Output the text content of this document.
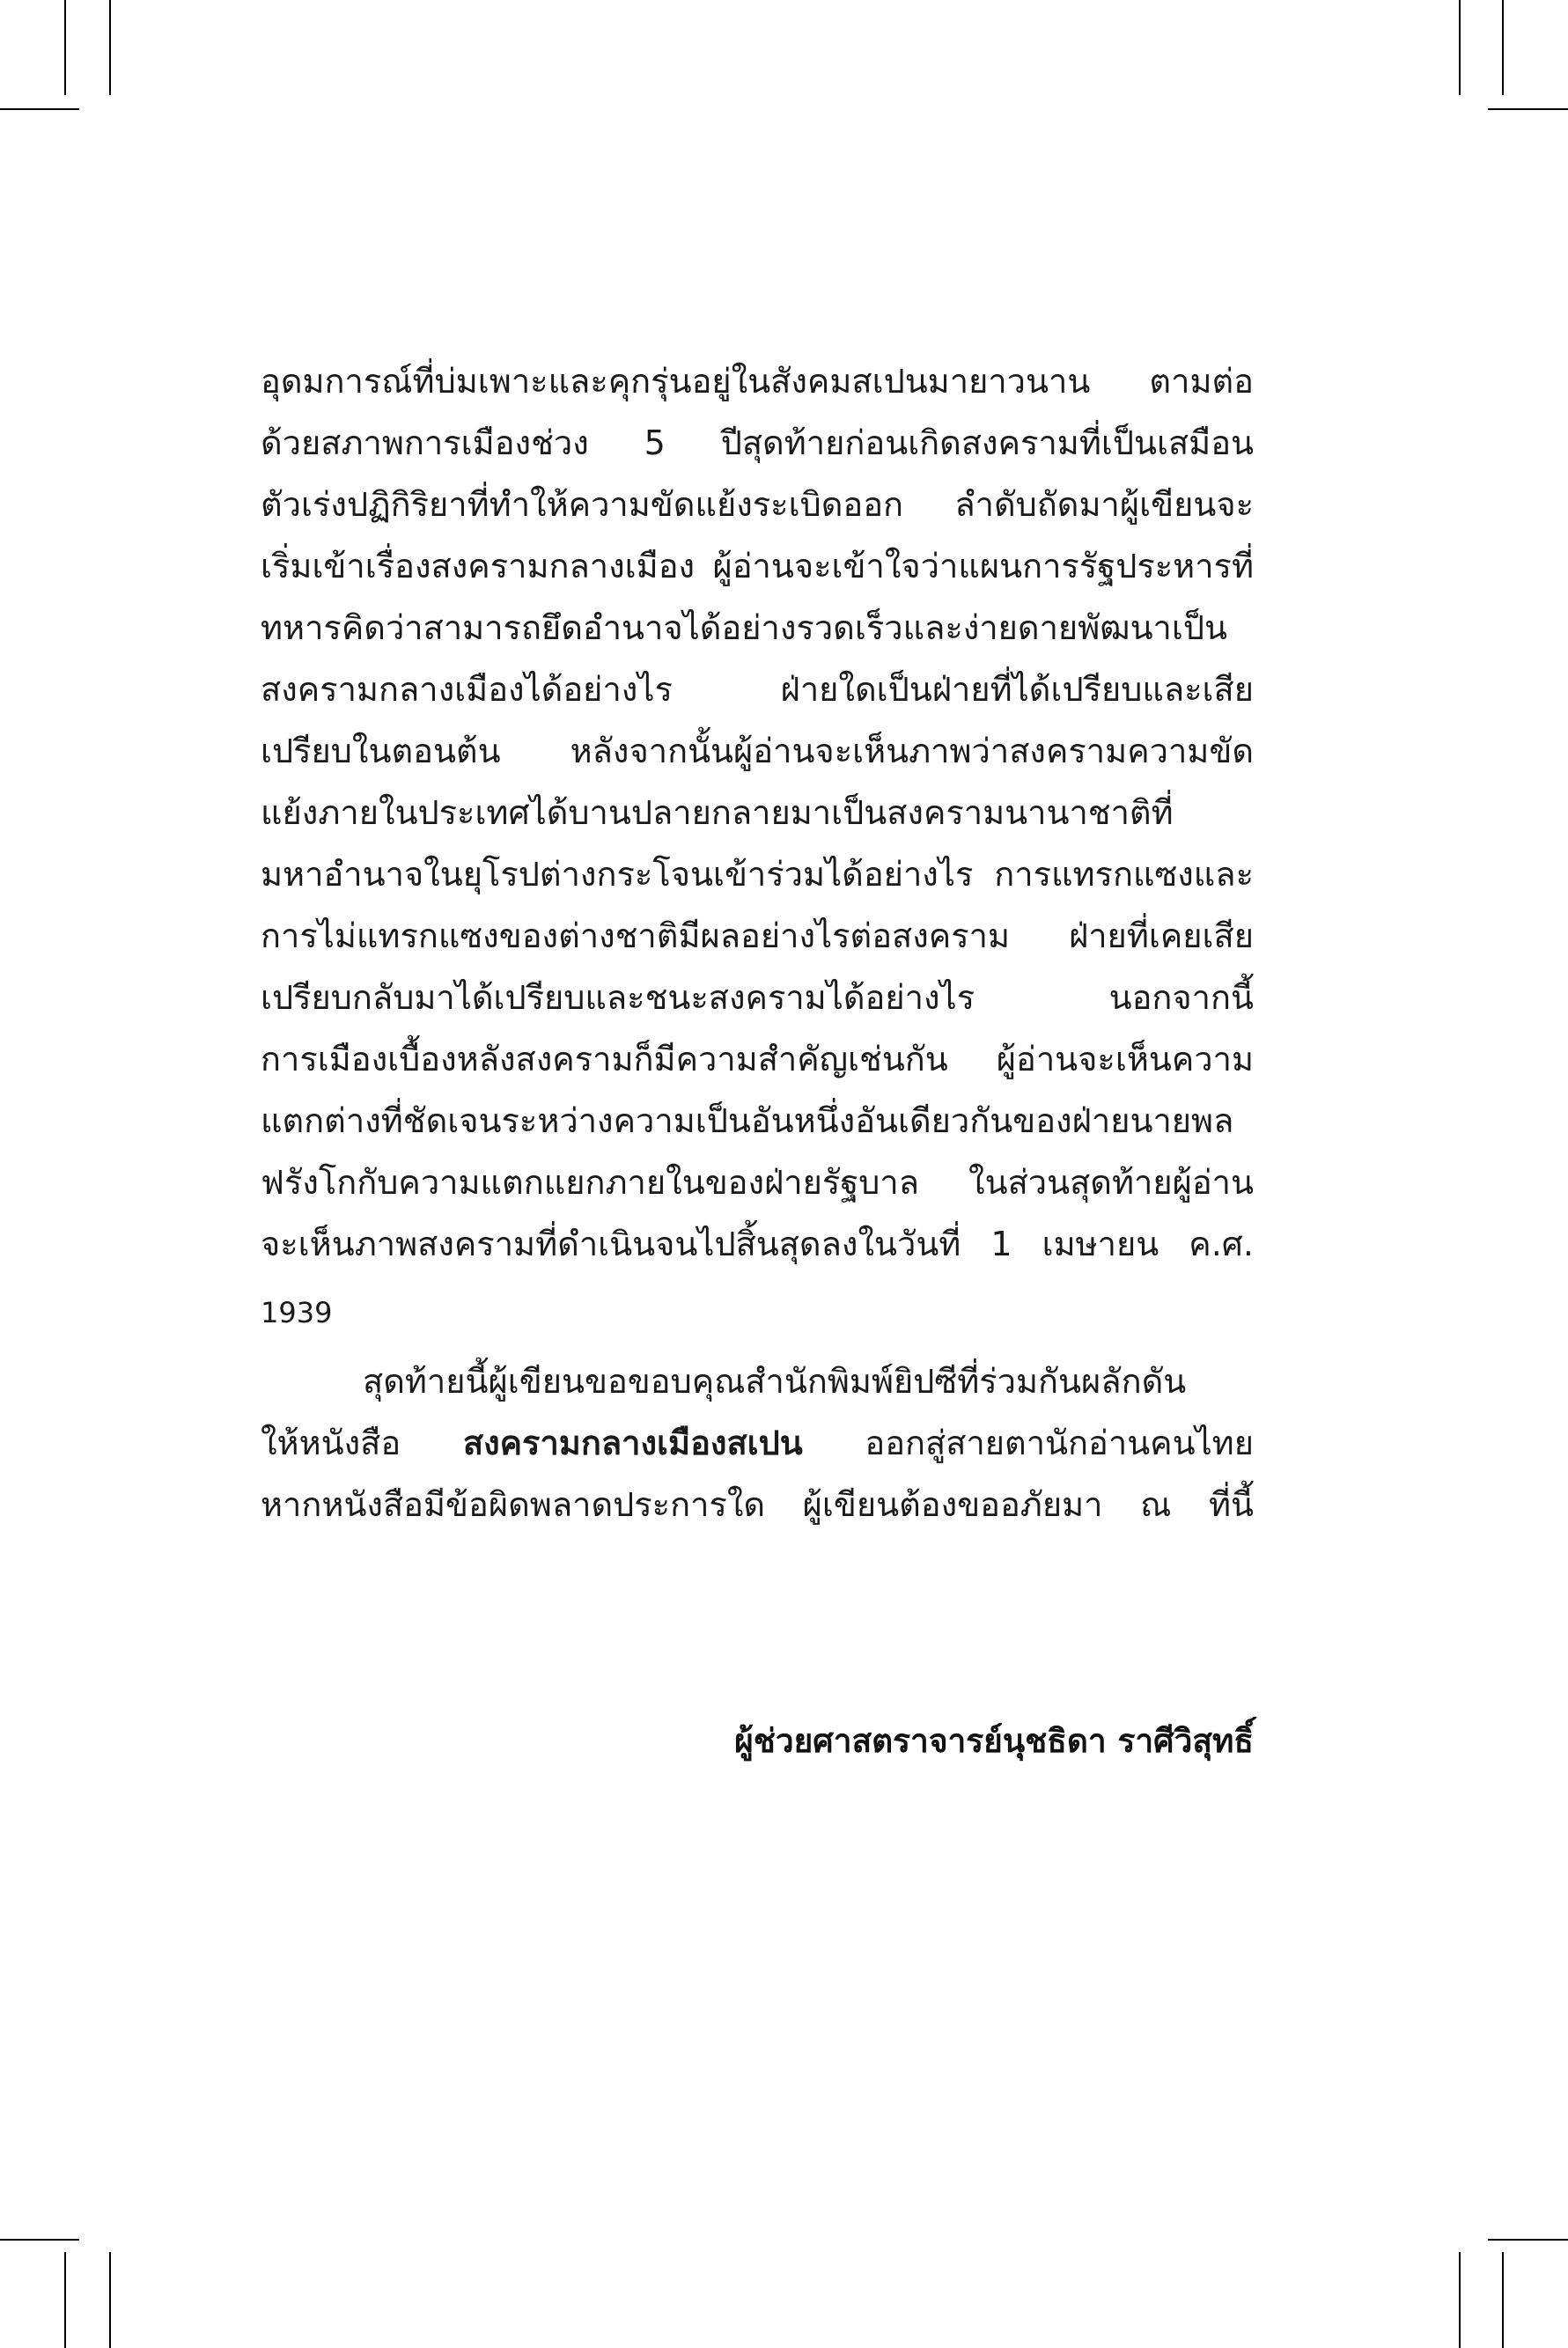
อุดมการณ์ที่บ่มเพาะและคุกรุ่นอยู่ในสังคมสเปนมายาวนาน ตามต่อ
ด้วยสภาพการเมืองช่วง 5 ปีสุดท้ายก่อนเกิดสงครามที่เป็นเสมือน
ตัวเร่งปฏิกิริยาที่ทำให้ความขัดแย้งระเบิดออก ลำดับถัดมาผู้เขียนจะ
เริ่มเข้าเรื่องสงครามกลางเมือง ผู้อ่านจะเข้าใจว่าแผนการรัฐประหารที่
ทหารคิดว่าสามารถยึดอำนาจได้อย่างรวดเร็วและง่ายดายพัฒนาเป็น
สงครามกลางเมืองได้อย่างไร ฝ่ายใดเป็นฝ่ายที่ได้เปรียบและเสีย
เปรียบในตอนต้น หลังจากนั้นผู้อ่านจะเห็นภาพว่าสงครามความขัด
แย้งภายในประเทศได้บานปลายกลายมาเป็นสงครามนานาชาติที่
มหาอำนาจในยุโรปต่างกระโจนเข้าร่วมได้อย่างไร การแทรกแซงและ
การไม่แทรกแซงของต่างชาติมีผลอย่างไรต่อสงคราม ฝ่ายที่เคยเสีย
เปรียบกลับมาได้เปรียบและชนะสงครามได้อย่างไร นอกจากนี้
การเมืองเบื้องหลังสงครามก็มีความสำคัญเช่นกัน ผู้อ่านจะเห็นความ
แตกต่างที่ชัดเจนระหว่างความเป็นอันหนึ่งอันเดียวกันของฝ่ายนายพล
ฟรังโกกับความแตกแยกภายในของฝ่ายรัฐบาล ในส่วนสุดท้ายผู้อ่าน
จะเห็นภาพสงครามที่ดำเนินจนไปสิ้นสุดลงในวันที่ 1 เมษายน ค.ศ.
1939
สุดท้ายนี้ผู้เขียนขอขอบคุณสำนักพิมพ์ยิปซีที่ร่วมกันผลักดัน
ให้หนังสือ สงครามกลางเมืองสเปน ออกสู่สายตานักอ่านคนไทย
หากหนังสือมีข้อผิดพลาดประการใด ผู้เขียนต้องขออภัยมา ณ ที่นี้
ผู้ช่วยศาสตราจารย์นุชธิดา ราศีวิสุทธิ์
